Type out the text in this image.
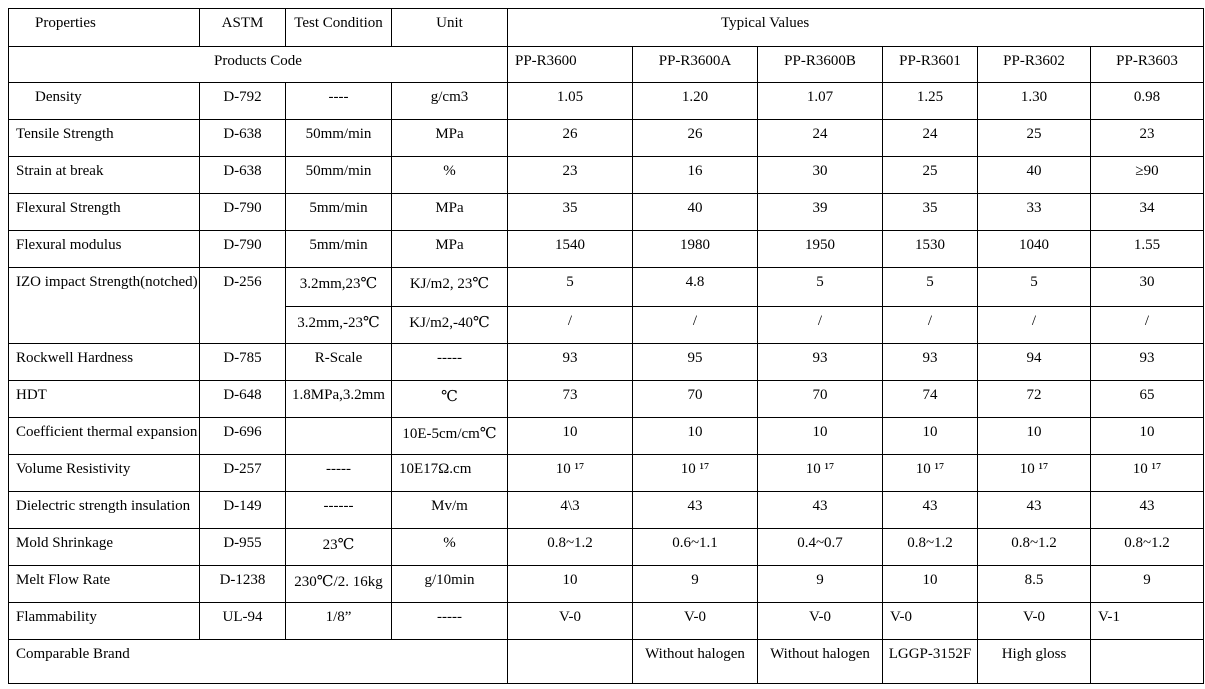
Properties	ASTM	Test Condition	Unit	Typical Values					
Products Code				PP-R3600	PP-R3600A	PP-R3600B	PP-R3601	PP-R3602	PP-R3603
Density	D-792	----	g/cm3	1.05	1.20	1.07	1.25	1.30	0.98
Tensile Strength	D-638	50mm/min	MPa	26	26	24	24	25	23
Strain at break	D-638	50mm/min	%	23	16	30	25	40	≥90
Flexural Strength	D-790	5mm/min	MPa	35	40	39	35	33	34
Flexural modulus	D-790	5mm/min	MPa	1540	1980	1950	1530	1040	1.55
IZO impact Strength(notched)	D-256	3.2mm,23℃	KJ/m2, 23℃	5	4.8	5	5	5	30
		3.2mm,-23℃	KJ/m2,-40℃	/	/	/	/	/	/
Rockwell Hardness	D-785	R-Scale	-----	93	95	93	93	94	93
HDT	D-648	1.8MPa,3.2mm	℃	73	70	70	74	72	65
Coefficient thermal expansion	D-696		10E-5cm/cm℃	10	10	10	10	10	10
Volume Resistivity	D-257	-----	10E17Ω.cm	10 ¹⁷	10 ¹⁷	10 ¹⁷	10 ¹⁷	10 ¹⁷	10 ¹⁷
Dielectric strength insulation	D-149	------	Mv/m	4\3	43	43	43	43	43
Mold Shrinkage	D-955	23℃	%	0.8~1.2	0.6~1.1	0.4~0.7	0.8~1.2	0.8~1.2	0.8~1.2
Melt Flow Rate	D-1238	230℃/2. 16kg	g/10min	10	9	9	10	8.5	9
Flammability	UL-94	1/8”	-----	V-0	V-0	V-0	V-0	V-0	V-1
Comparable Brand					Without halogen	Without halogen	LGGP-3152F	High gloss	
